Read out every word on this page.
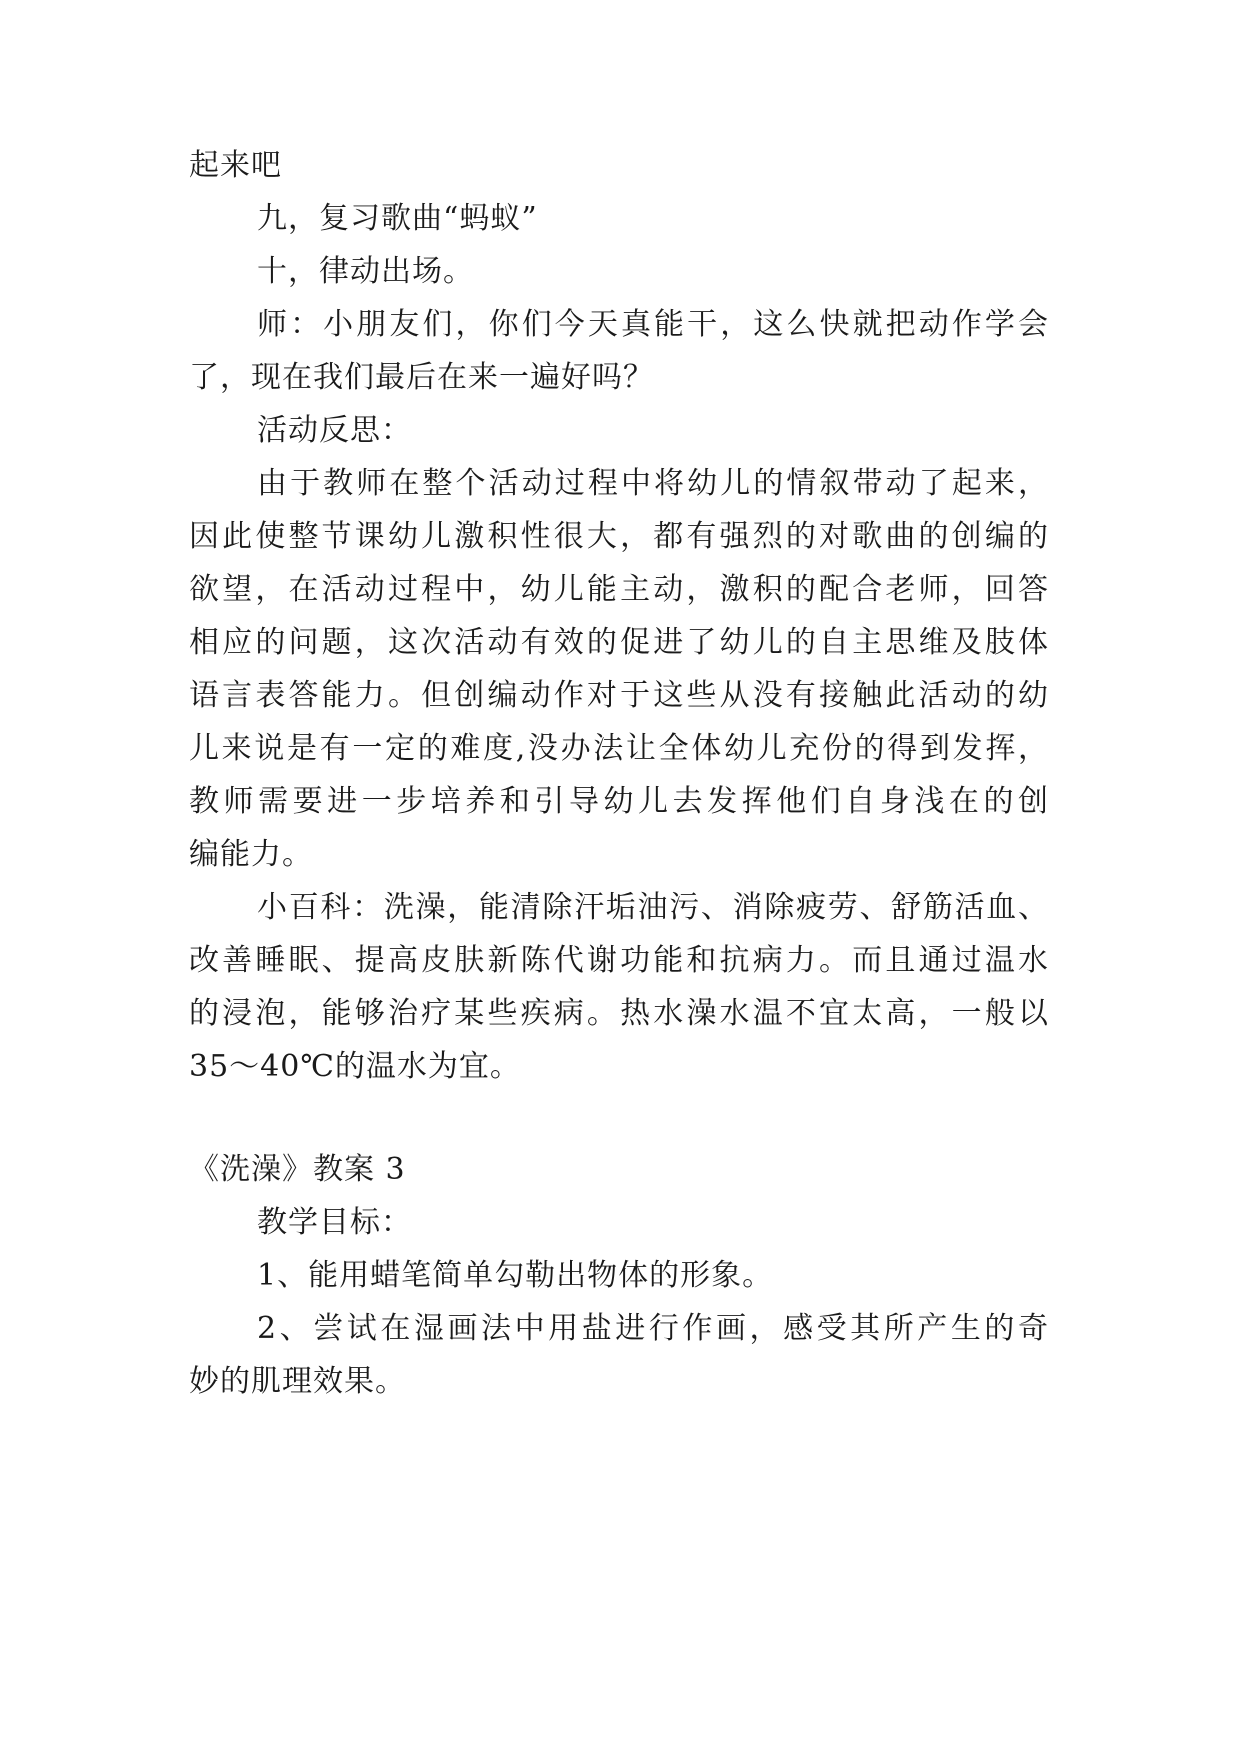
起来吧
九，复习歌曲“蚂蚁”
十，律动出场。
师：小朋友们，你们今天真能干，这么快就把动作学会
了，现在我们最后在来一遍好吗？
活动反思：
由于教师在整个活动过程中将幼儿的情叙带动了起来，
因此使整节课幼儿激积性很大，都有强烈的对歌曲的创编的
欲望，在活动过程中，幼儿能主动，激积的配合老师，回答
相应的问题，这次活动有效的促进了幼儿的自主思维及肢体
语言表答能力。但创编动作对于这些从没有接触此活动的幼
儿来说是有一定的难度,没办法让全体幼儿充份的得到发挥，
教师需要进一步培养和引导幼儿去发挥他们自身浅在的创
编能力。
小百科：洗澡，能清除汗垢油污、消除疲劳、舒筋活血、
改善睡眠、提高皮肤新陈代谢功能和抗病力。而且通过温水
的浸泡，能够治疗某些疾病。热水澡水温不宜太高，一般以
35～40℃的温水为宜。
《洗澡》教案 3
教学目标：
1、能用蜡笔简单勾勒出物体的形象。
2、尝试在湿画法中用盐进行作画，感受其所产生的奇
妙的肌理效果。
